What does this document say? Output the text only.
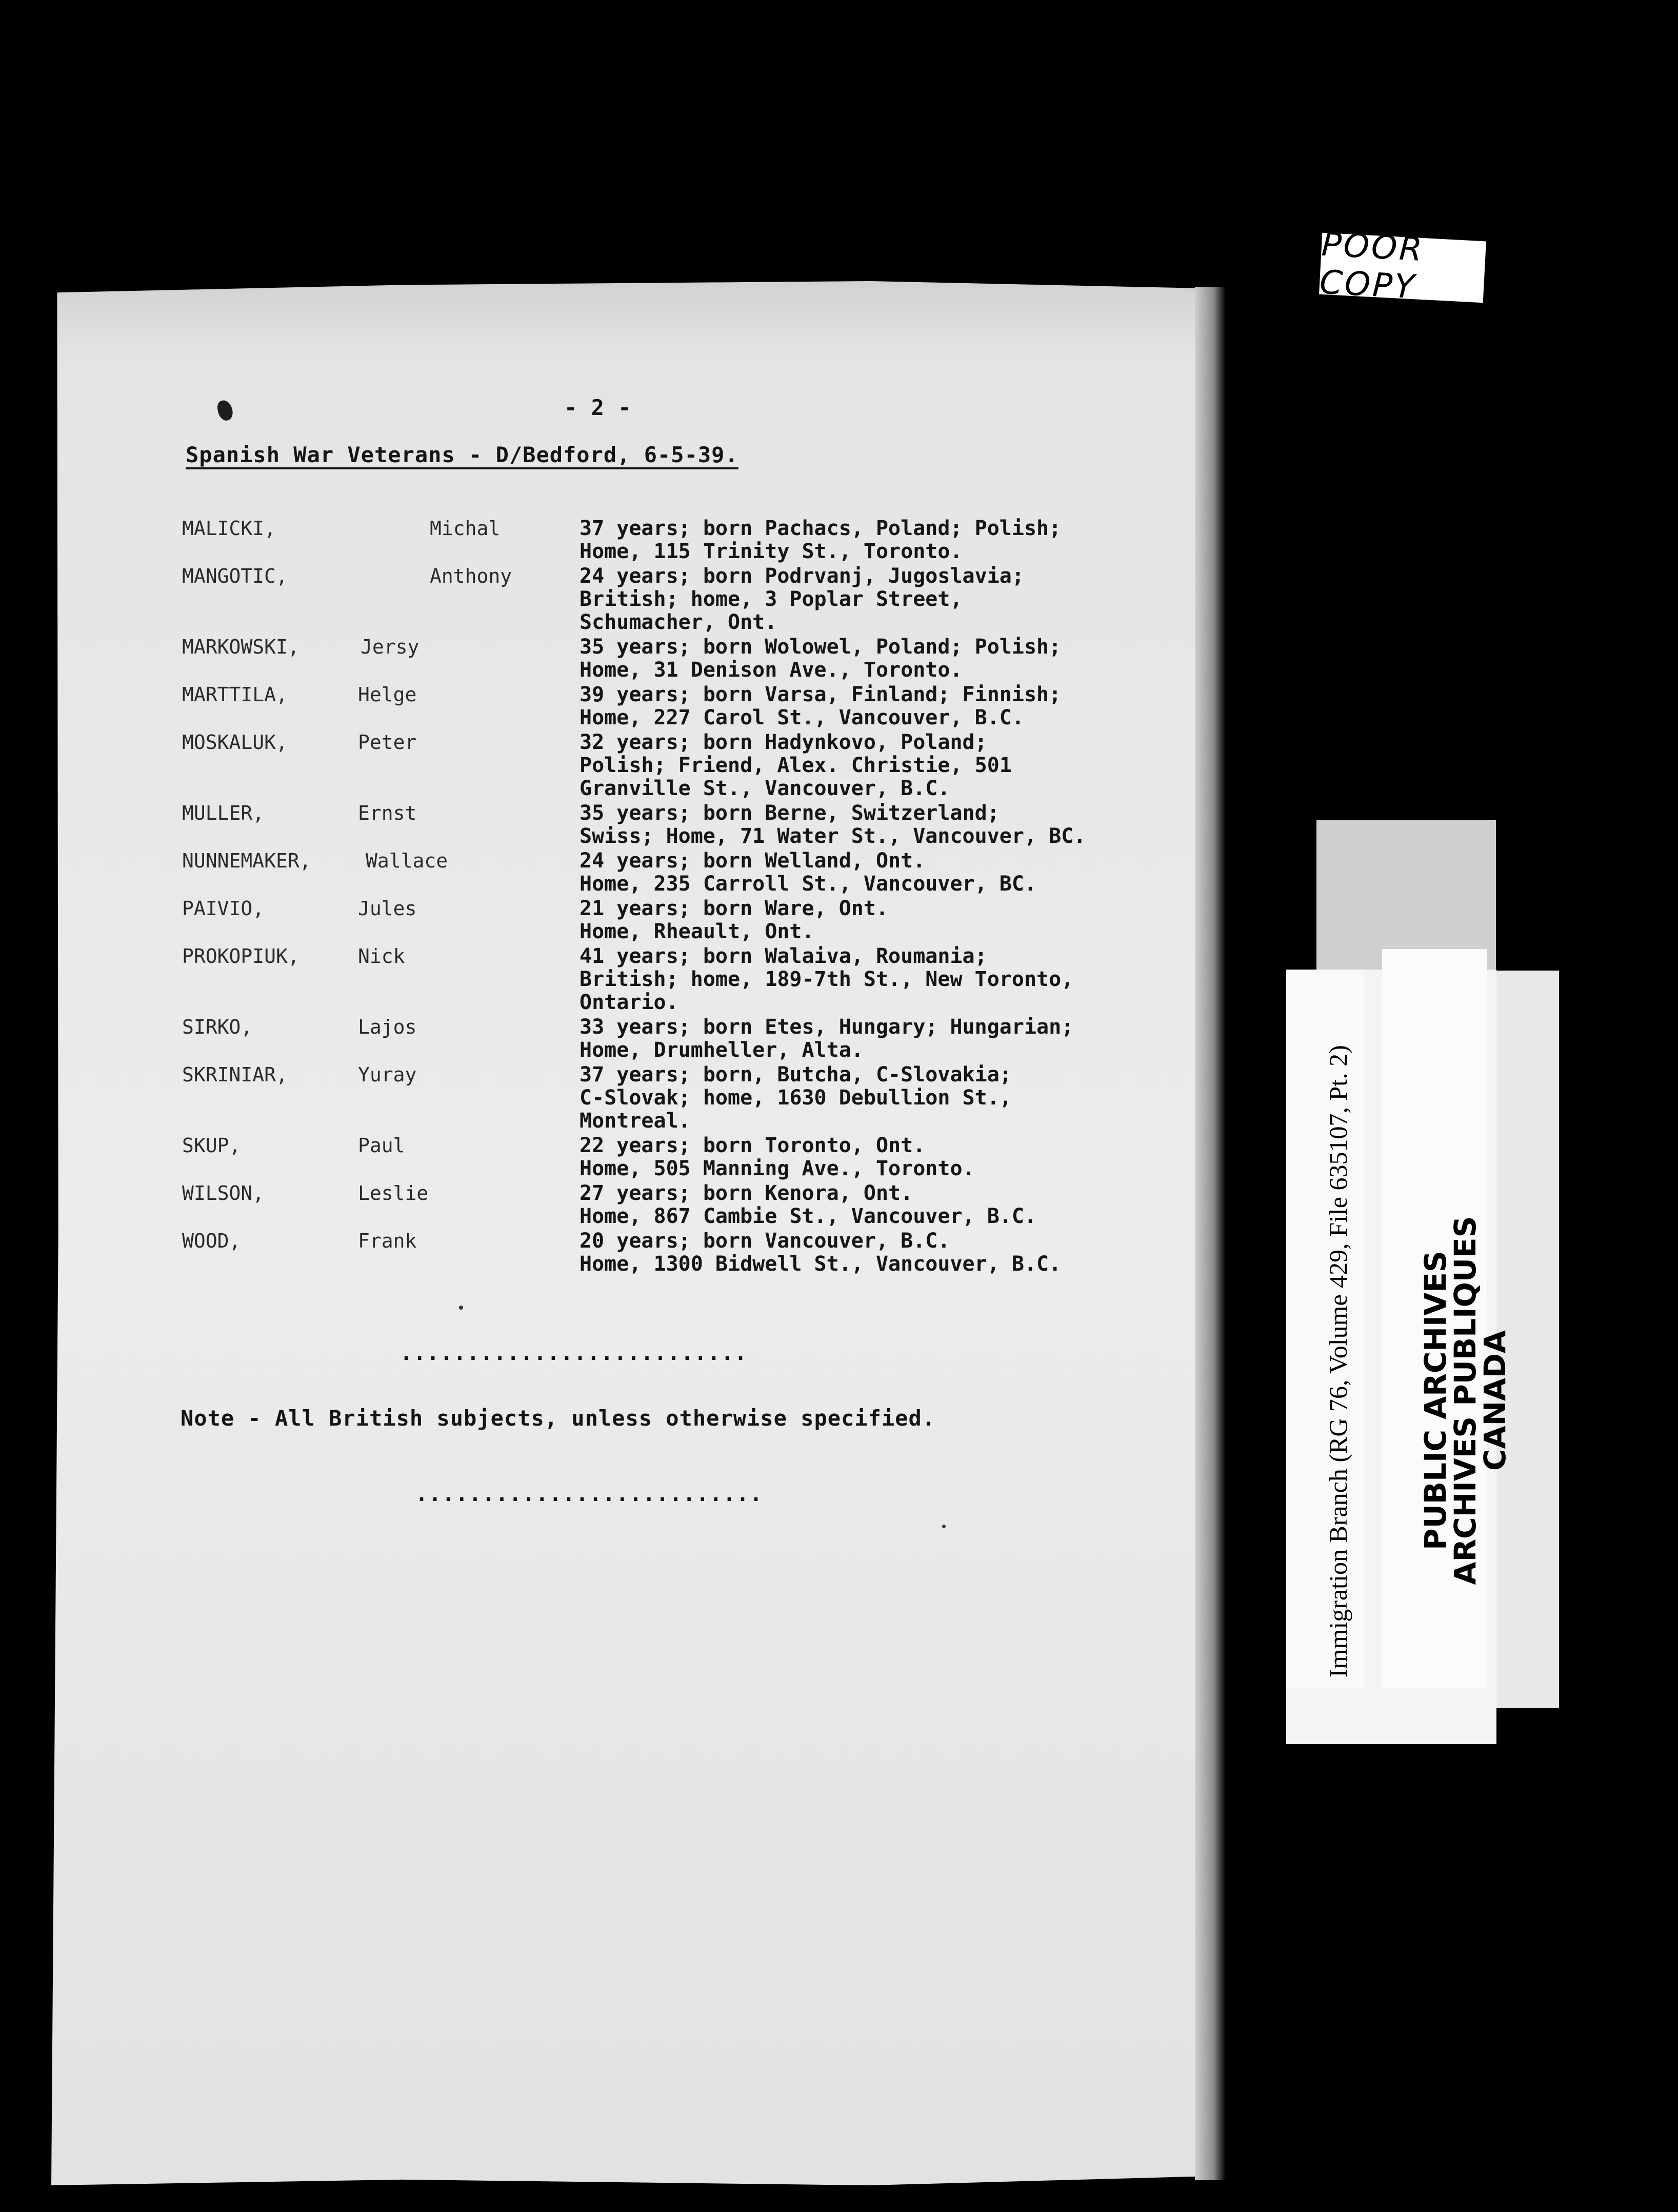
- 2 -
Spanish War Veterans - D/Bedford, 6-5-39.
MALICKI,	Michal	37 years; born Pachacs, Poland; Polish;
Home, 115 Trinity St., Toronto.
MANGOTIC,	Anthony	24 years; born Podrvanj, Jugoslavia;
British; home, 3 Poplar Street,
Schumacher, Ont.
MARKOWSKI,	Jersy	35 years; born Wolowel, Poland; Polish;
Home, 31 Denison Ave., Toronto.
MARTTILA,	Helge	39 years; born Varsa, Finland; Finnish;
Home, 227 Carol St., Vancouver, B.C.
MOSKALUK,	Peter	32 years; born Hadynkovo, Poland;
Polish; Friend, Alex. Christie, 501
Granville St., Vancouver, B.C.
MULLER,	Ernst	35 years; born Berne, Switzerland;
Swiss; Home, 71 Water St., Vancouver, BC.
NUNNEMAKER,	Wallace	24 years; born Welland, Ont.
Home, 235 Carroll St., Vancouver, BC.
PAIVIO,	Jules	21 years; born Ware, Ont.
Home, Rheault, Ont.
PROKOPIUK,	Nick	41 years; born Walaiva, Roumania;
British; home, 189-7th St., New Toronto,
Ontario.
SIRKO,	Lajos	33 years; born Etes, Hungary; Hungarian;
Home, Drumheller, Alta.
SKRINIAR,	Yuray	37 years; born, Butcha, C-Slovakia;
C-Slovak; home, 1630 Debullion St.,
Montreal.
SKUP,	Paul	22 years; born Toronto, Ont.
Home, 505 Manning Ave., Toronto.
WILSON,	Leslie	27 years; born Kenora, Ont.
Home, 867 Cambie St., Vancouver, B.C.
WOOD,	Frank	20 years; born Vancouver, B.C.
Home, 1300 Bidwell St., Vancouver, B.C.
..........................
Note - All British subjects, unless otherwise specified.
..........................
POOR COPY
Immigration Branch (RG 76, Volume 429, File 635107, Pt. 2)	PUBLIC ARCHIVES
ARCHIVES PUBLIQUES
CANADA
